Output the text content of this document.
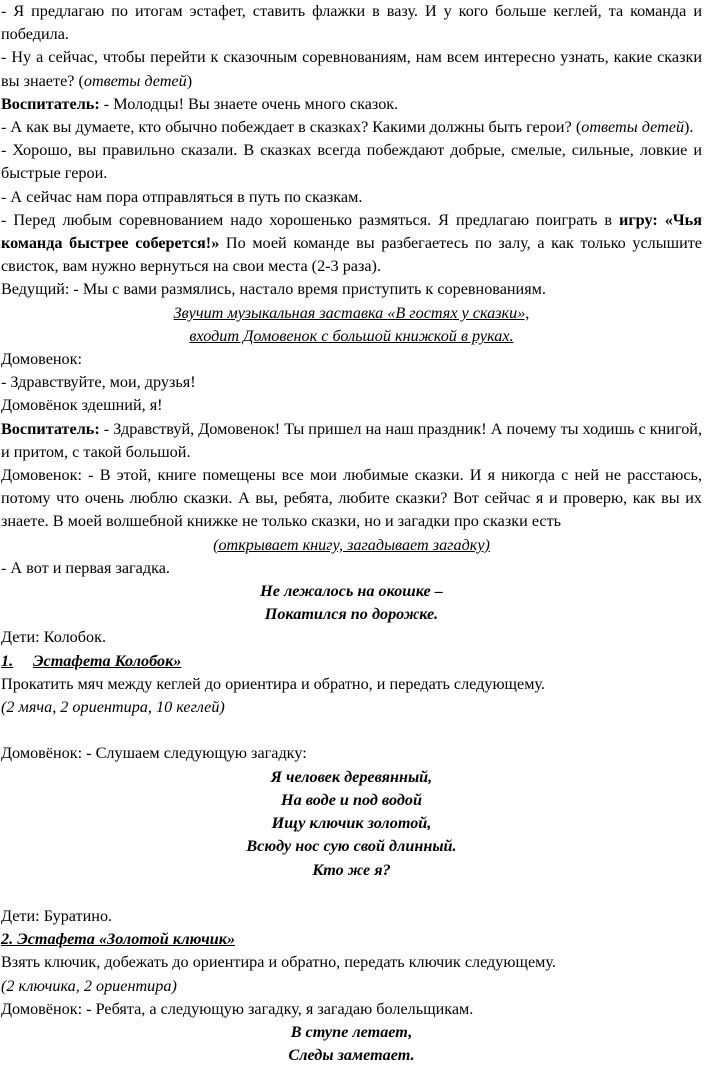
- Я предлагаю по итогам эстафет, ставить флажки в вазу. И у кого больше кеглей, та команда и победила.

- Ну а сейчас, чтобы перейти к сказочным соревнованиям, нам всем интересно узнать, какие сказки вы знаете? (ответы детей)

Воспитатель: - Молодцы! Вы знаете очень много сказок.

- А как вы думаете, кто обычно побеждает в сказках? Какими должны быть герои? (ответы детей).

- Хорошо, вы правильно сказали. В сказках всегда побеждают добрые, смелые, сильные, ловкие и быстрые герои.

- А сейчас нам пора отправляться в путь по сказкам.

- Перед любым соревнованием надо хорошенько размяться. Я предлагаю поиграть в игру: «Чья команда быстрее соберется!» По моей команде вы разбегаетесь по залу, а как только услышите свисток, вам нужно вернуться на свои места (2-3 раза).

Ведущий: - Мы с вами размялись, настало время приступить к соревнованиям.

Звучит музыкальная заставка «В гостях у сказки»,

входит Домовенок с большой книжкой в руках.

Домовенок:

- Здравствуйте, мои, друзья!

Домовёнок здешний, я!

Воспитатель: - Здравствуй, Домовенок! Ты пришел на наш праздник! А почему ты ходишь с книгой, и притом, с такой большой.

Домовенок: - В этой, книге помещены все мои любимые сказки. И я никогда с ней не расстаюсь, потому что очень люблю сказки. А вы, ребята, любите сказки? Вот сейчас я и проверю, как вы их знаете. В моей волшебной книжке не только сказки, но и загадки про сказки есть

(открывает книгу, загадывает загадку)

- А вот и первая загадка.

Не лежалось на окошке –

Покатился по дорожке.

Дети: Колобок.

1. Эстафета Колобок»

Прокатить мяч между кеглей до ориентира и обратно, и передать следующему.

(2 мяча, 2 ориентира, 10 кеглей)

Домовёнок: - Слушаем следующую загадку:

Я человек деревянный,

На воде и под водой

Ищу ключик золотой,

Всюду нос сую свой длинный.

Кто же я?

Дети: Буратино.

2. Эстафета «Золотой ключик»

Взять ключик, добежать до ориентира и обратно, передать ключик следующему.

(2 ключика, 2 ориентира)

Домовёнок: - Ребята, а следующую загадку, я загадаю болельщикам.

В ступе летает,

Следы заметает.
